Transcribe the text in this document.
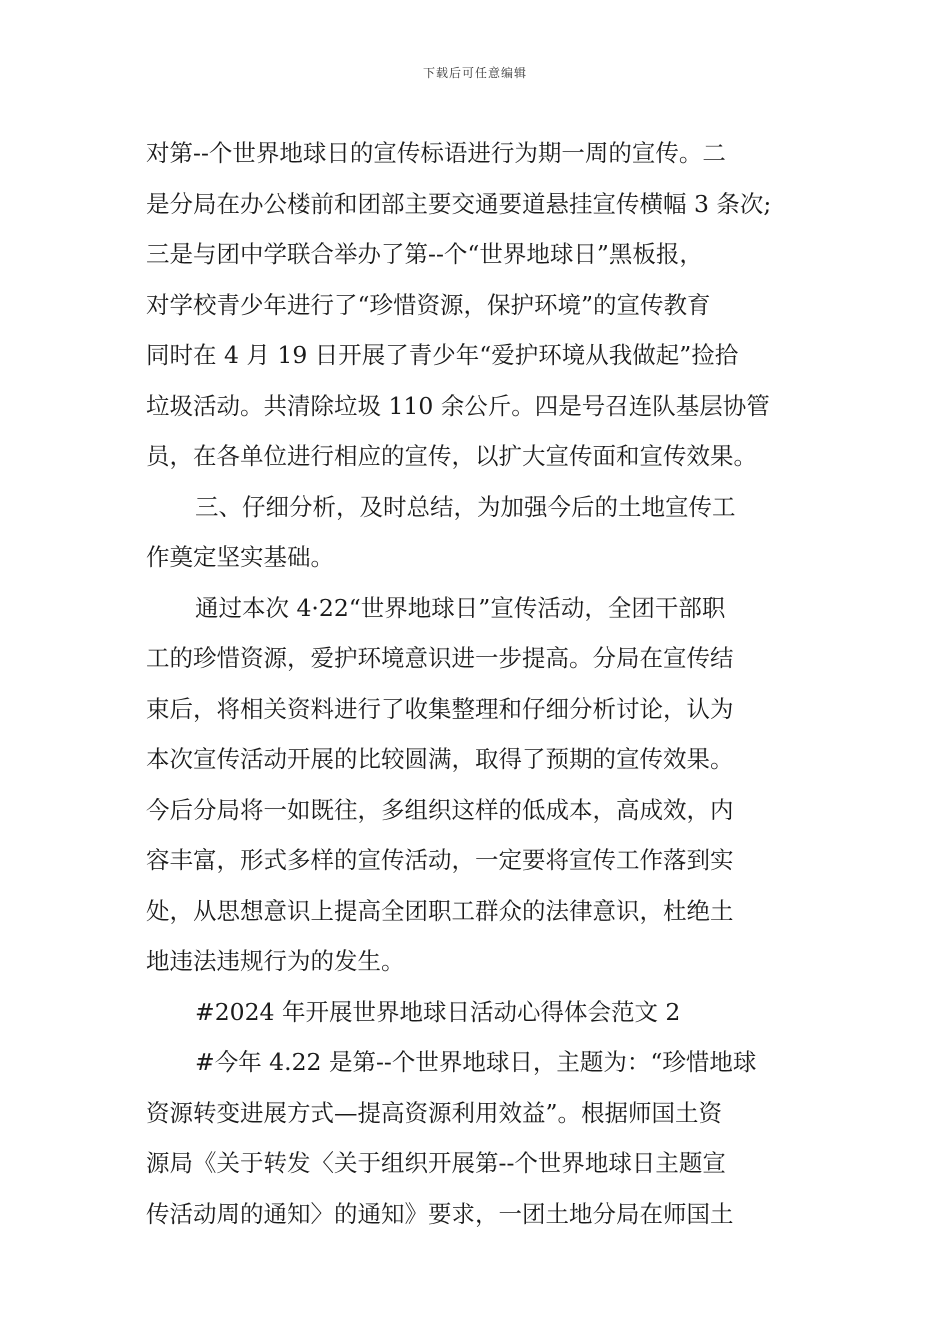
下载后可任意编辑
对第--个世界地球日的宣传标语进行为期一周的宣传。二
是分局在办公楼前和团部主要交通要道悬挂宣传横幅 3 条次;
三是与团中学联合举办了第--个“世界地球日”黑板报，
对学校青少年进行了“珍惜资源，保护环境”的宣传教育
同时在 4 月 19 日开展了青少年“爱护环境从我做起”捡拾
垃圾活动。共清除垃圾 110 余公斤。四是号召连队基层协管
员，在各单位进行相应的宣传，以扩大宣传面和宣传效果。
三、仔细分析，及时总结，为加强今后的土地宣传工
作奠定坚实基础。
通过本次 4·22“世界地球日”宣传活动，全团干部职
工的珍惜资源，爱护环境意识进一步提高。分局在宣传结
束后，将相关资料进行了收集整理和仔细分析讨论，认为
本次宣传活动开展的比较圆满，取得了预期的宣传效果。
今后分局将一如既往，多组织这样的低成本，高成效，内
容丰富，形式多样的宣传活动，一定要将宣传工作落到实
处，从思想意识上提高全团职工群众的法律意识，杜绝土
地违法违规行为的发生。
#2024 年开展世界地球日活动心得体会范文 2
#今年 4.22 是第--个世界地球日，主题为：“珍惜地球
资源转变进展方式—提高资源利用效益”。根据师国土资
源局《关于转发〈关于组织开展第--个世界地球日主题宣
传活动周的通知〉的通知》要求，一团土地分局在师国土
